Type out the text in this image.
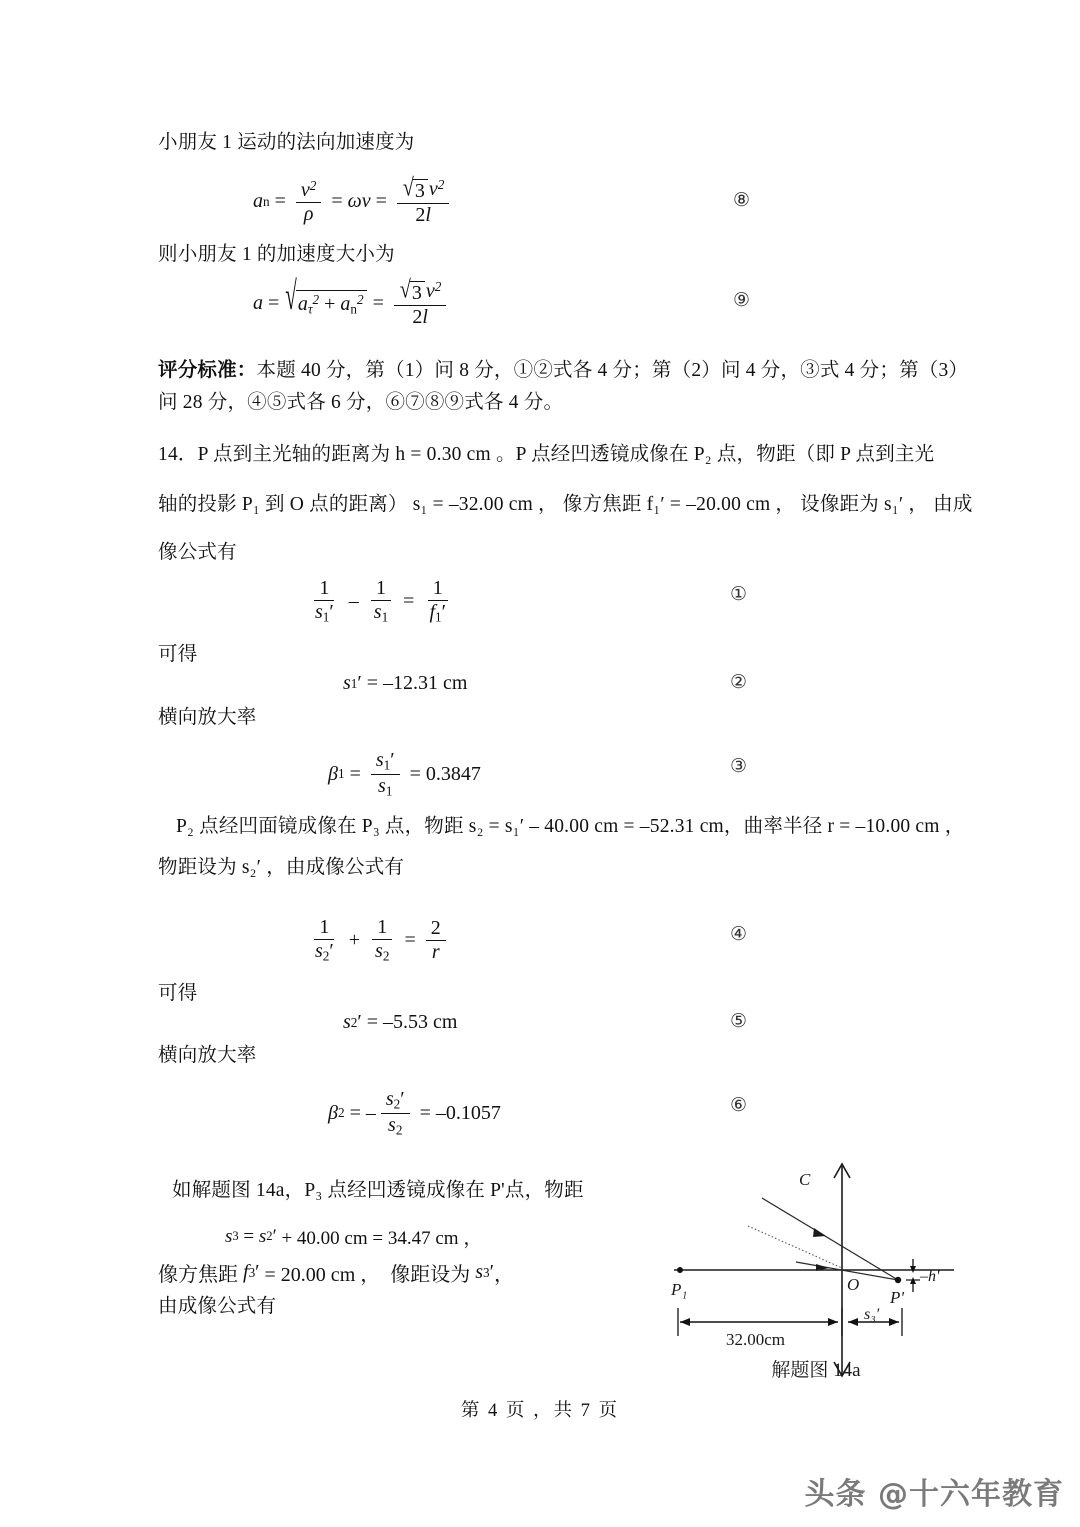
小朋友 1 运动的法向加速度为
a $n = \frac{v^2}{\rho} = \omega v = \frac{√ 3 v^2}{2l}$	⑧
则小朋友 1 的加速度大小为
a = √ $a_\tau^2 + a_n^2 = \frac{√ 3 v^2}{2l}$	⑨
评分标准：本题 40 分，第（1）问 8 分，①②式各 4 分；第（2）问 4 分，③式 4 分；第（3）
问 28 分，④⑤式各 6 分，⑥⑦⑧⑨式各 4 分。
14．P 点到主光轴的距离为 h = 0.30 cm 。P 点经凹透镜成像在 P₂ 点，物距（即 P 点到主光
轴的投影 P₁ 到 O 点的距离） s₁ = –32.00 cm ， 像方焦距 f₁′ = –20.00 cm ， 设像距为 s₁′ ， 由成
像公式有
$\frac{1}{s_1'} - \frac{1}{s_1} = \frac{1}{f_1'}$	①
可得
s 1 ′
= –12.31 cm	②
横向放大率
β $1 = \frac{s_1'}{s_1}$
= 0.3847	③
P₂ 点经凹面镜成像在 P₃ 点，物距 s₂ = s₁′ – 40.00 cm = –52.31 cm，曲率半径 r = –10.00 cm ，
物距设为 s₂′ ，由成像公式有
$\frac{1}{s_2'} + \frac{1}{s_2} = \frac{2}{r}$	④
可得
s 2 ′
= –5.53 cm	⑤
横向放大率
β 2 = – $\frac{s_2'}{s_2}$
= –0.1057	⑥
如解题图 14a，P₃ 点经凹透镜成像在 P'点，物距
s 3 = s 2 ′
+ 40.00 cm = 34.47 cm ，
像方焦距
f 3 ′
= 20.00 cm ，
像距设为
s 3 ′ ，
由成像公式有
P₁
C
O
P'
–h'
32.00cm
s₃′
解题图 14a
第 4 页 ，共 7 页
头条 @十六年教育
